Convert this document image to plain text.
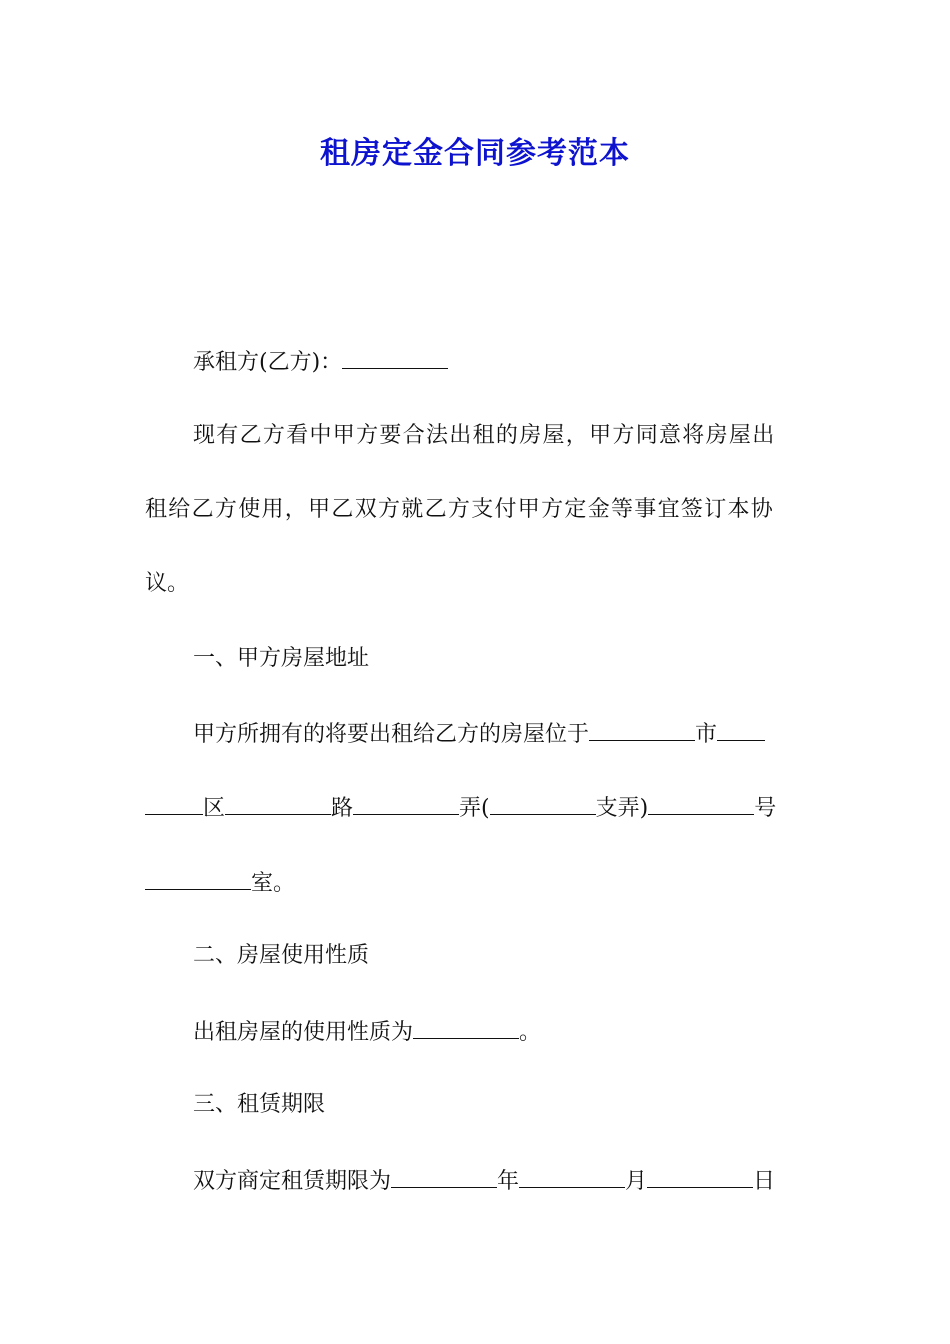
租房定金合同参考范本
承租方(乙方)：
现有乙方看中甲方要合法出租的房屋，甲方同意将房屋出
租给乙方使用，甲乙双方就乙方支付甲方定金等事宜签订本协
议。
一、甲方房屋地址
甲方所拥有的将要出租给乙方的房屋位于	市
区	路	弄(	支弄)	号
室。
二、房屋使用性质
出租房屋的使用性质为	。
三、租赁期限
双方商定租赁期限为	年	月	日
